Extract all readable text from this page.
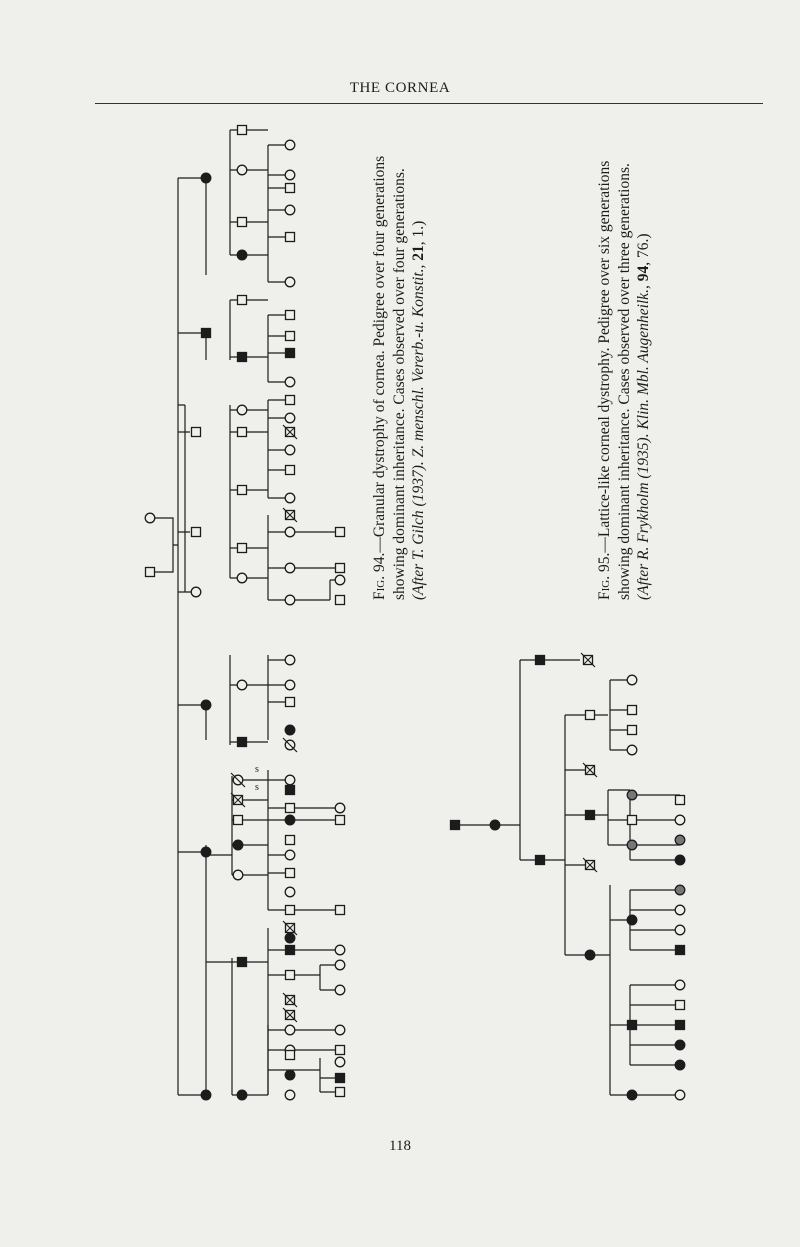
THE CORNEA
s
s
Fig. 94.—Granular dystrophy of cornea. Pedigree over four generations showing dominant inheritance. Cases observed over four generations. (After T. Gilch (1937). Z. menschl. Vererb.-u. Konstit., 21, 1.)
Fig. 95.—Lattice-like corneal dystrophy. Pedigree over six generations showing dominant inheritance. Cases observed over three generations. (After R. Frykholm (1935). Klin. Mbl. Augenheilk., 94, 76.)
118
